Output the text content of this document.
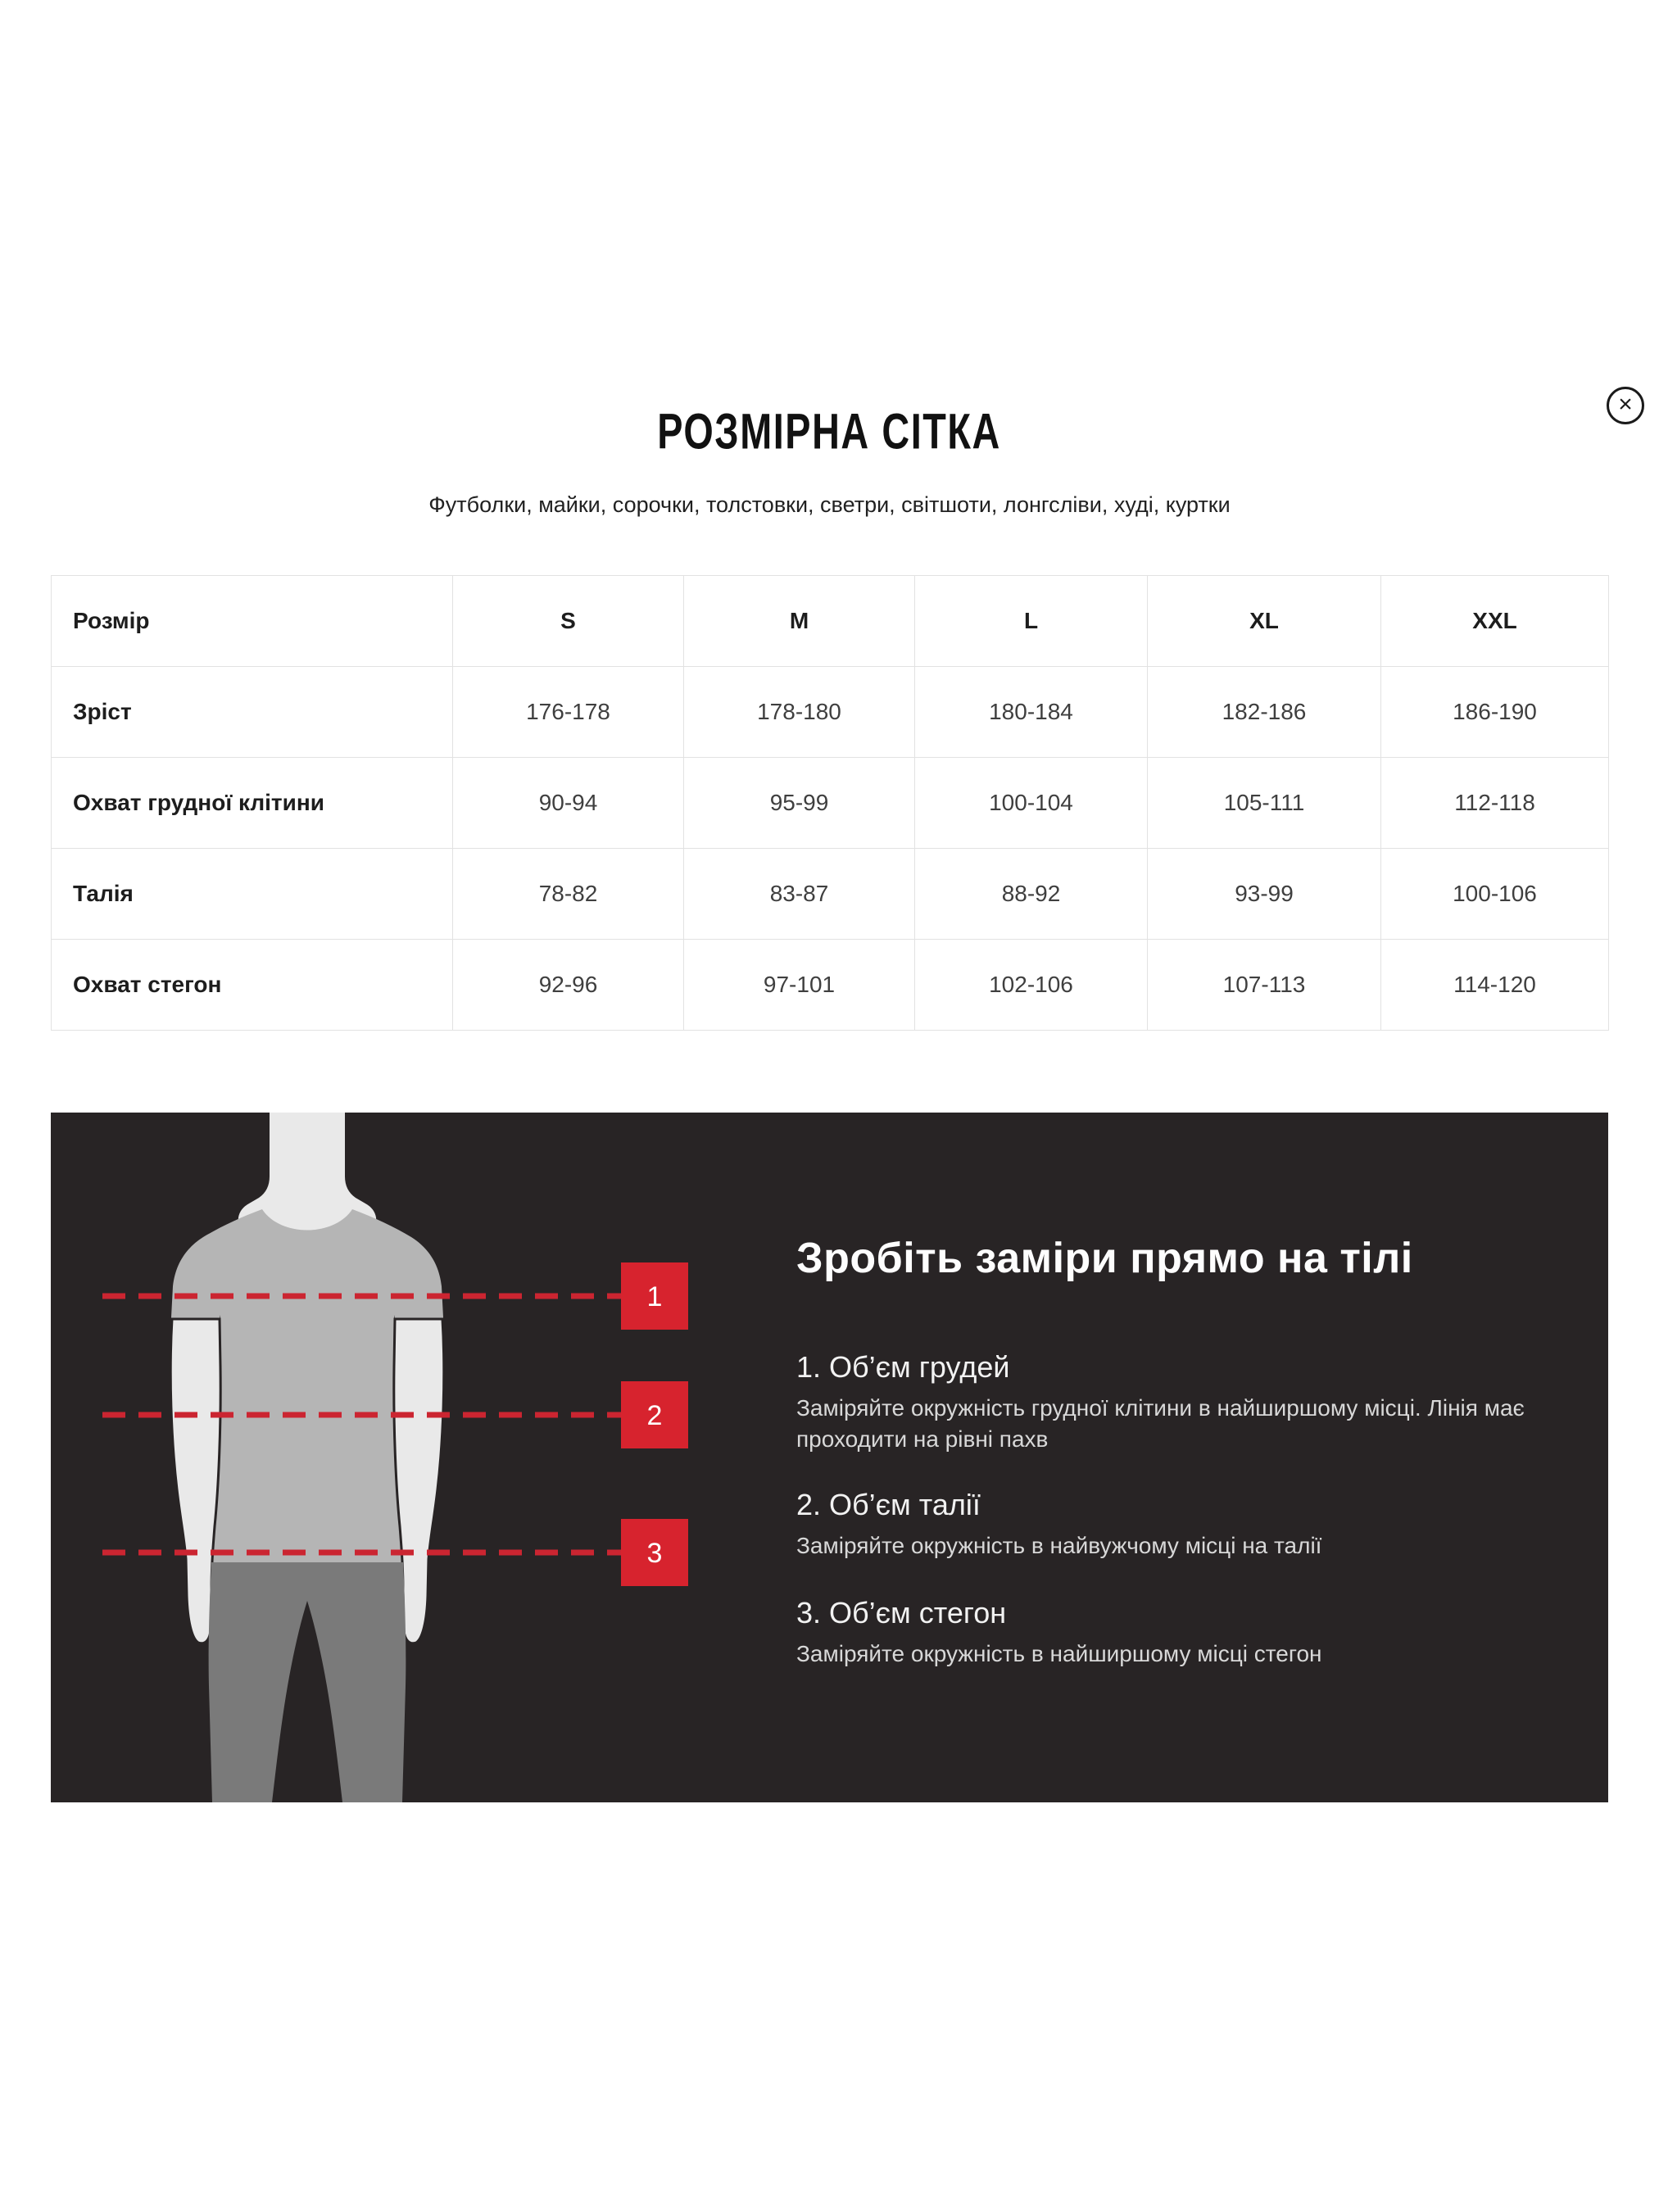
×
РОЗМІРНА СІТКА
Футболки, майки, сорочки, толстовки, светри, світшоти, лонгсліви, худі, куртки
Розмір	S	M	L	XL	XXL
Зріст	176-178	178-180	180-184	182-186	186-190
Охват грудної клітини	90-94	95-99	100-104	105-111	112-118
Талія	78-82	83-87	88-92	93-99	100-106
Охват стегон	92-96	97-101	102-106	107-113	114-120
1
2
3
Зробіть заміри прямо на тілі
1. Об’єм грудей
Заміряйте окружність грудної клітини в найширшому місці. Лінія має проходити на рівні пахв
2. Об’єм талії
Заміряйте окружність в найвужчому місці на талії
3. Об’єм стегон
Заміряйте окружність в найширшому місці стегон
